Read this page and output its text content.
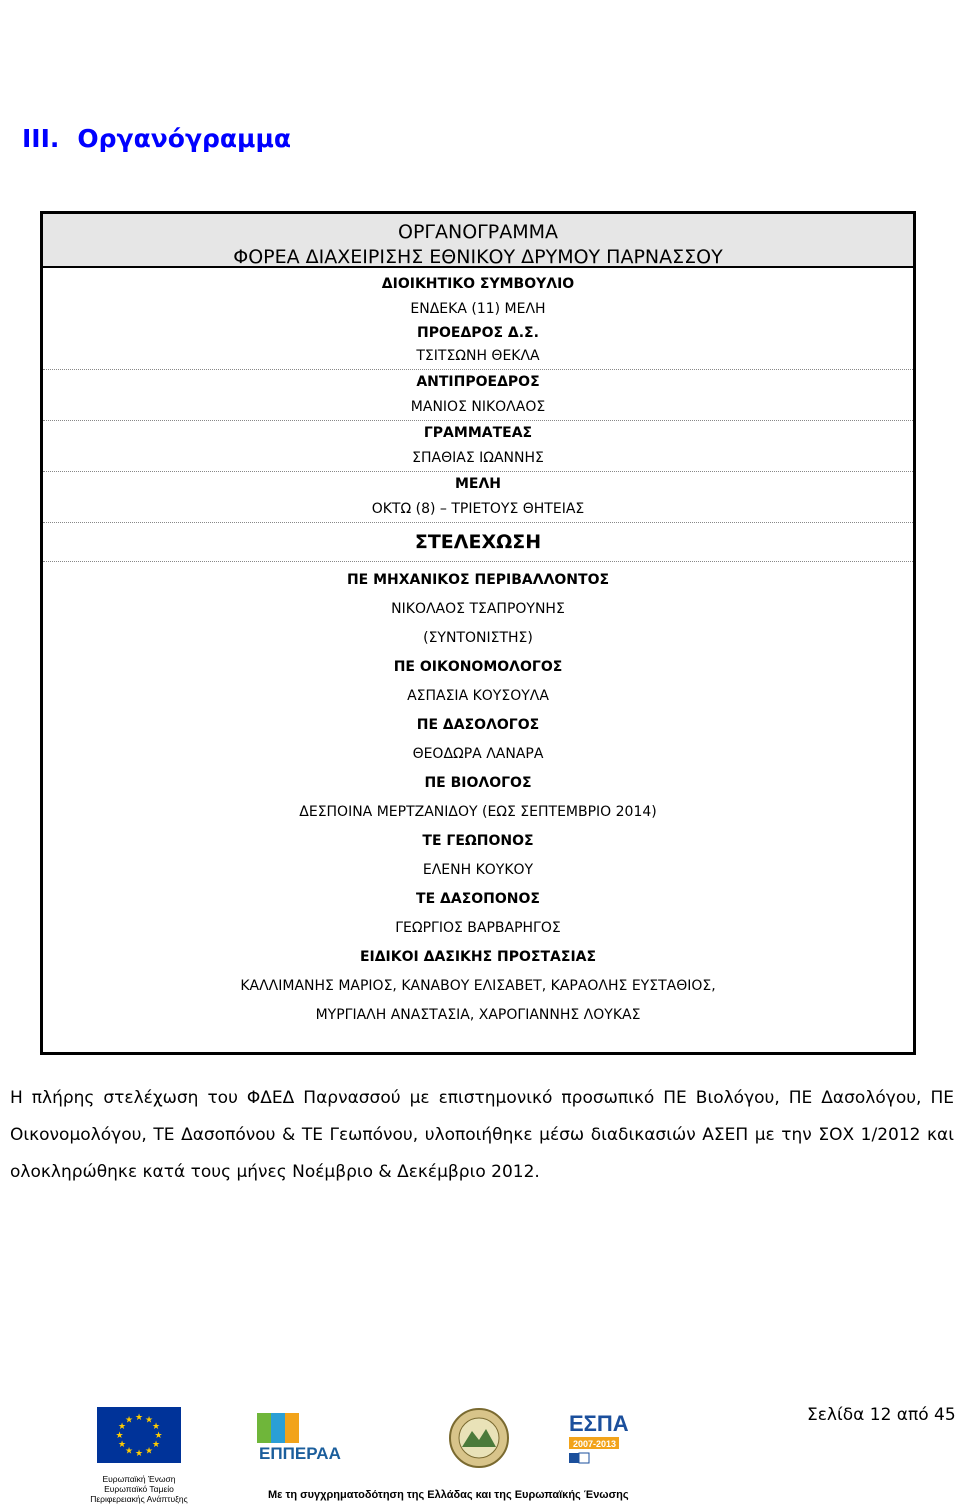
III. Οργανόγραμμα
ΟΡΓΑΝΟΓΡΑΜΜΑ
ΦΟΡΕΑ ΔΙΑΧΕΙΡΙΣΗΣ ΕΘΝΙΚΟΥ ΔΡΥΜΟΥ ΠΑΡΝΑΣΣΟΥ
ΔΙΟΙΚΗΤΙΚΟ ΣΥΜΒΟΥΛΙΟ
ΕΝΔΕΚΑ (11) ΜΕΛΗ
ΠΡΟΕΔΡΟΣ Δ.Σ.
ΤΣΙΤΣΩΝΗ ΘΕΚΛΑ
ΑΝΤΙΠΡΟΕΔΡΟΣ
ΜΑΝΙΟΣ ΝΙΚΟΛΑΟΣ
ΓΡΑΜΜΑΤΕΑΣ
ΣΠΑΘΙΑΣ ΙΩΑΝΝΗΣ
ΜΕΛΗ
ΟΚΤΩ (8) – ΤΡΙΕΤΟΥΣ ΘΗΤΕΙΑΣ
ΣΤΕΛΕΧΩΣΗ
ΠΕ ΜΗΧΑΝΙΚΟΣ ΠΕΡΙΒΑΛΛΟΝΤΟΣ
ΝΙΚΟΛΑΟΣ ΤΣΑΠΡΟΥΝΗΣ
(ΣΥΝΤΟΝΙΣΤΗΣ)
ΠΕ ΟΙΚΟΝΟΜΟΛΟΓΟΣ
ΑΣΠΑΣΙΑ ΚΟΥΣΟΥΛΑ
ΠΕ ΔΑΣΟΛΟΓΟΣ
ΘΕΟΔΩΡΑ ΛΑΝΑΡΑ
ΠΕ ΒΙΟΛΟΓΟΣ
ΔΕΣΠΟΙΝΑ ΜΕΡΤΖΑΝΙΔΟΥ (ΕΩΣ ΣΕΠΤΕΜΒΡΙΟ 2014)
ΤΕ ΓΕΩΠΟΝΟΣ
ΕΛΕΝΗ ΚΟΥΚΟΥ
ΤΕ ΔΑΣΟΠΟΝΟΣ
ΓΕΩΡΓΙΟΣ ΒΑΡΒΑΡΗΓΟΣ
ΕΙΔΙΚΟΙ ΔΑΣΙΚΗΣ ΠΡΟΣΤΑΣΙΑΣ
ΚΑΛΛΙΜΑΝΗΣ ΜΑΡΙΟΣ, ΚΑΝΑΒΟΥ ΕΛΙΣΑΒΕΤ, ΚΑΡΑΟΛΗΣ ΕΥΣΤΑΘΙΟΣ,
ΜΥΡΓΙΑΛΗ ΑΝΑΣΤΑΣΙΑ, ΧΑΡΟΓΙΑΝΝΗΣ ΛΟΥΚΑΣ

Η πλήρης στελέχωση του ΦΔΕΔ Παρνασσού με επιστημονικό προσωπικό ΠΕ Βιολόγου, ΠΕ Δασολόγου, ΠΕ Οικονομολόγου, ΤΕ Δασοπόνου & ΤΕ Γεωπόνου, υλοποιήθηκε μέσω διαδικασιών ΑΣΕΠ με την ΣΟΧ 1/2012 και ολοκληρώθηκε κατά τους μήνες Νοέμβριο & Δεκέμβριο 2012.

★ ★
★
★
★
★
★
★
★
★
★
★
ΕΠΠΕΡΑΑ
ΕΣΠΑ
2007-2013
Σελίδα 12 από 45
Ευρωπαϊκή Ένωση
Ευρωπαϊκό Ταμείο
Περιφερειακής Ανάπτυξης	Με τη συγχρηματοδότηση της Ελλάδας και της Ευρωπαϊκής Ένωσης
